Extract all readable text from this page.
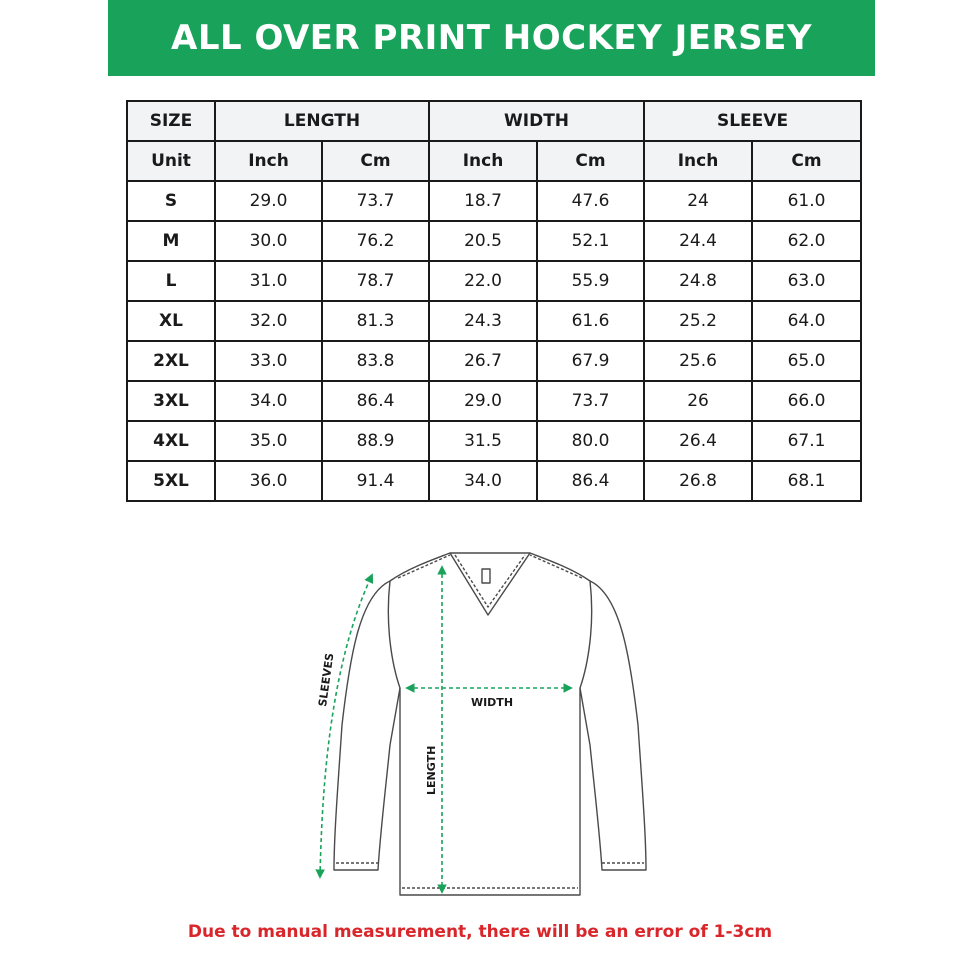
ALL OVER PRINT HOCKEY JERSEY
SIZE	LENGTH		WIDTH		SLEEVE	
Unit	Inch	Cm	Inch	Cm	Inch	Cm
S	29.0	73.7	18.7	47.6	24	61.0
M	30.0	76.2	20.5	52.1	24.4	62.0
L	31.0	78.7	22.0	55.9	24.8	63.0
XL	32.0	81.3	24.3	61.6	25.2	64.0
2XL	33.0	83.8	26.7	67.9	25.6	65.0
3XL	34.0	86.4	29.0	73.7	26	66.0
4XL	35.0	88.9	31.5	80.0	26.4	67.1
5XL	36.0	91.4	34.0	86.4	26.8	68.1
SLEEVES	WIDTH
LENGTH
Due to manual measurement, there will be an error of 1-3cm
